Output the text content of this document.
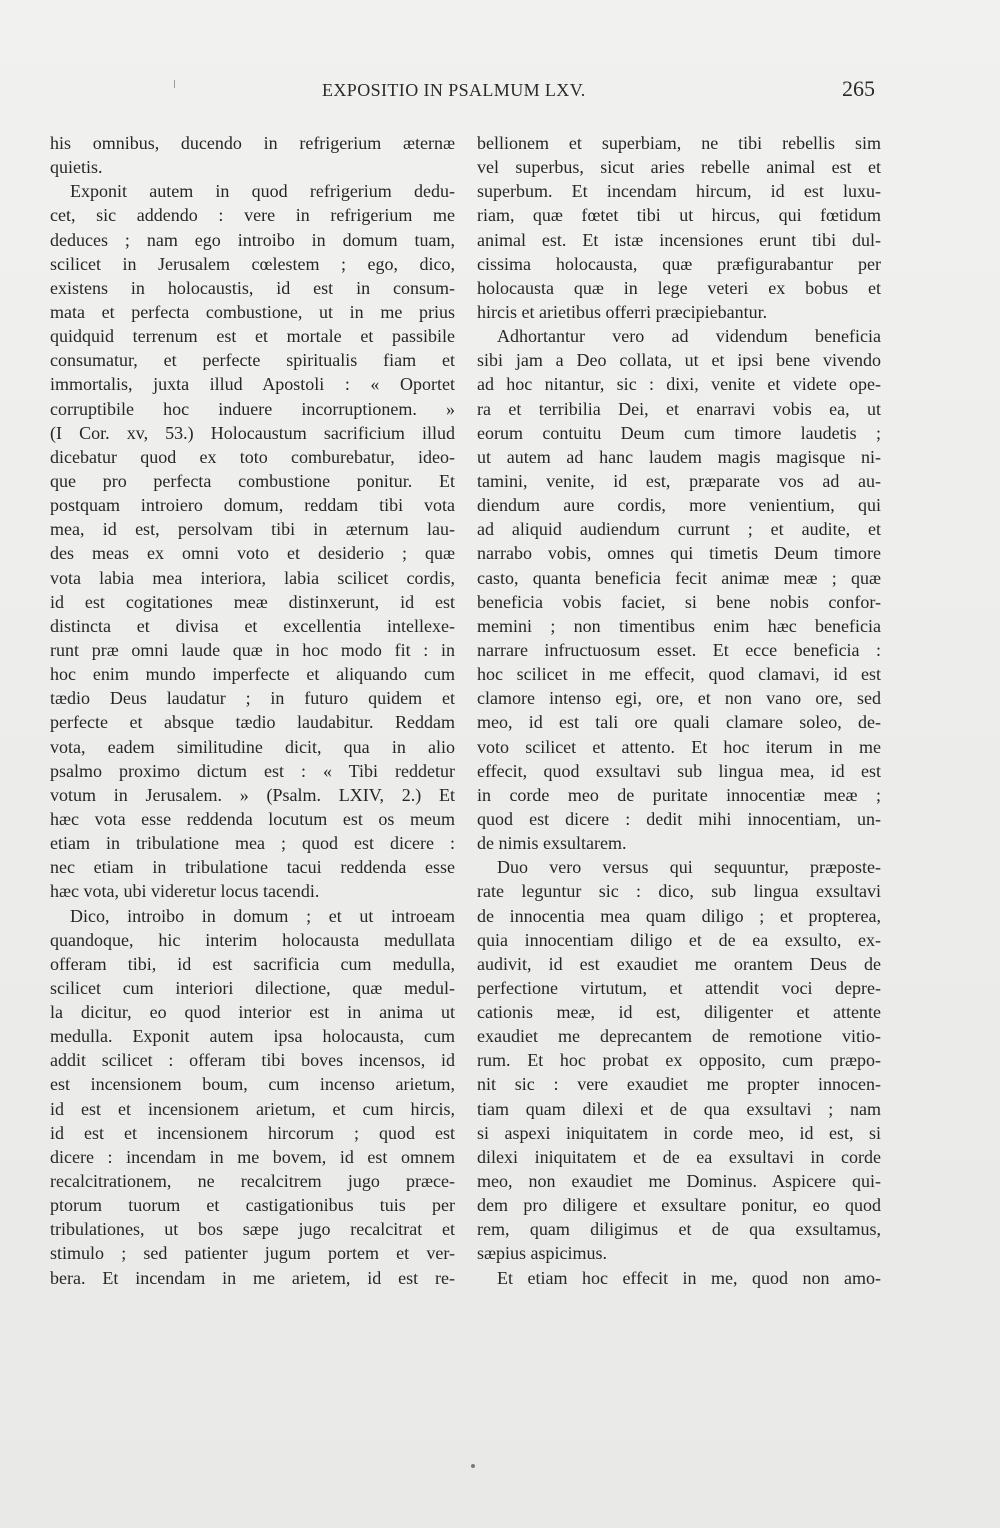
EXPOSITIO IN PSALMUM LXV.	265
his omnibus, ducendo in refrigerium æternæ
quietis.
Exponit autem in quod refrigerium dedu-
cet, sic addendo : vere in refrigerium me
deduces ; nam ego introibo in domum tuam,
scilicet in Jerusalem cœlestem ; ego, dico,
existens in holocaustis, id est in consum-
mata et perfecta combustione, ut in me prius
quidquid terrenum est et mortale et passibile
consumatur, et perfecte spiritualis fiam et
immortalis, juxta illud Apostoli : « Oportet
corruptibile hoc induere incorruptionem. »
(I Cor. xv, 53.) Holocaustum sacrificium illud
dicebatur quod ex toto comburebatur, ideo-
que pro perfecta combustione ponitur. Et
postquam introiero domum, reddam tibi vota
mea, id est, persolvam tibi in æternum lau-
des meas ex omni voto et desiderio ; quæ
vota labia mea interiora, labia scilicet cordis,
id est cogitationes meæ distinxerunt, id est
distincta et divisa et excellentia intellexe-
runt præ omni laude quæ in hoc modo fit : in
hoc enim mundo imperfecte et aliquando cum
tædio Deus laudatur ; in futuro quidem et
perfecte et absque tædio laudabitur. Reddam
vota, eadem similitudine dicit, qua in alio
psalmo proximo dictum est : « Tibi reddetur
votum in Jerusalem. » (Psalm. LXIV, 2.) Et
hæc vota esse reddenda locutum est os meum
etiam in tribulatione mea ; quod est dicere :
nec etiam in tribulatione tacui reddenda esse
hæc vota, ubi videretur locus tacendi.
Dico, introibo in domum ; et ut introeam
quandoque, hic interim holocausta medullata
offeram tibi, id est sacrificia cum medulla,
scilicet cum interiori dilectione, quæ medul-
la dicitur, eo quod interior est in anima ut
medulla. Exponit autem ipsa holocausta, cum
addit scilicet : offeram tibi boves incensos, id
est incensionem boum, cum incenso arietum,
id est et incensionem arietum, et cum hircis,
id est et incensionem hircorum ; quod est
dicere : incendam in me bovem, id est omnem
recalcitrationem, ne recalcitrem jugo præce-
ptorum tuorum et castigationibus tuis per
tribulationes, ut bos sæpe jugo recalcitrat et
stimulo ; sed patienter jugum portem et ver-
bera. Et incendam in me arietem, id est re-
bellionem et superbiam, ne tibi rebellis sim
vel superbus, sicut aries rebelle animal est et
superbum. Et incendam hircum, id est luxu-
riam, quæ fœtet tibi ut hircus, qui fœtidum
animal est. Et istæ incensiones erunt tibi dul-
cissima holocausta, quæ præfigurabantur per
holocausta quæ in lege veteri ex bobus et
hircis et arietibus offerri præcipiebantur.
Adhortantur vero ad videndum beneficia
sibi jam a Deo collata, ut et ipsi bene vivendo
ad hoc nitantur, sic : dixi, venite et videte ope-
ra et terribilia Dei, et enarravi vobis ea, ut
eorum contuitu Deum cum timore laudetis ;
ut autem ad hanc laudem magis magisque ni-
tamini, venite, id est, præparate vos ad au-
diendum aure cordis, more venientium, qui
ad aliquid audiendum currunt ; et audite, et
narrabo vobis, omnes qui timetis Deum timore
casto, quanta beneficia fecit animæ meæ ; quæ
beneficia vobis faciet, si bene nobis confor-
memini ; non timentibus enim hæc beneficia
narrare infructuosum esset. Et ecce beneficia :
hoc scilicet in me effecit, quod clamavi, id est
clamore intenso egi, ore, et non vano ore, sed
meo, id est tali ore quali clamare soleo, de-
voto scilicet et attento. Et hoc iterum in me
effecit, quod exsultavi sub lingua mea, id est
in corde meo de puritate innocentiæ meæ ;
quod est dicere : dedit mihi innocentiam, un-
de nimis exsultarem.
Duo vero versus qui sequuntur, præposte-
rate leguntur sic : dico, sub lingua exsultavi
de innocentia mea quam diligo ; et propterea,
quia innocentiam diligo et de ea exsulto, ex-
audivit, id est exaudiet me orantem Deus de
perfectione virtutum, et attendit voci depre-
cationis meæ, id est, diligenter et attente
exaudiet me deprecantem de remotione vitio-
rum. Et hoc probat ex opposito, cum præpo-
nit sic : vere exaudiet me propter innocen-
tiam quam dilexi et de qua exsultavi ; nam
si aspexi iniquitatem in corde meo, id est, si
dilexi iniquitatem et de ea exsultavi in corde
meo, non exaudiet me Dominus. Aspicere qui-
dem pro diligere et exsultare ponitur, eo quod
rem, quam diligimus et de qua exsultamus,
sæpius aspicimus.
Et etiam hoc effecit in me, quod non amo-
